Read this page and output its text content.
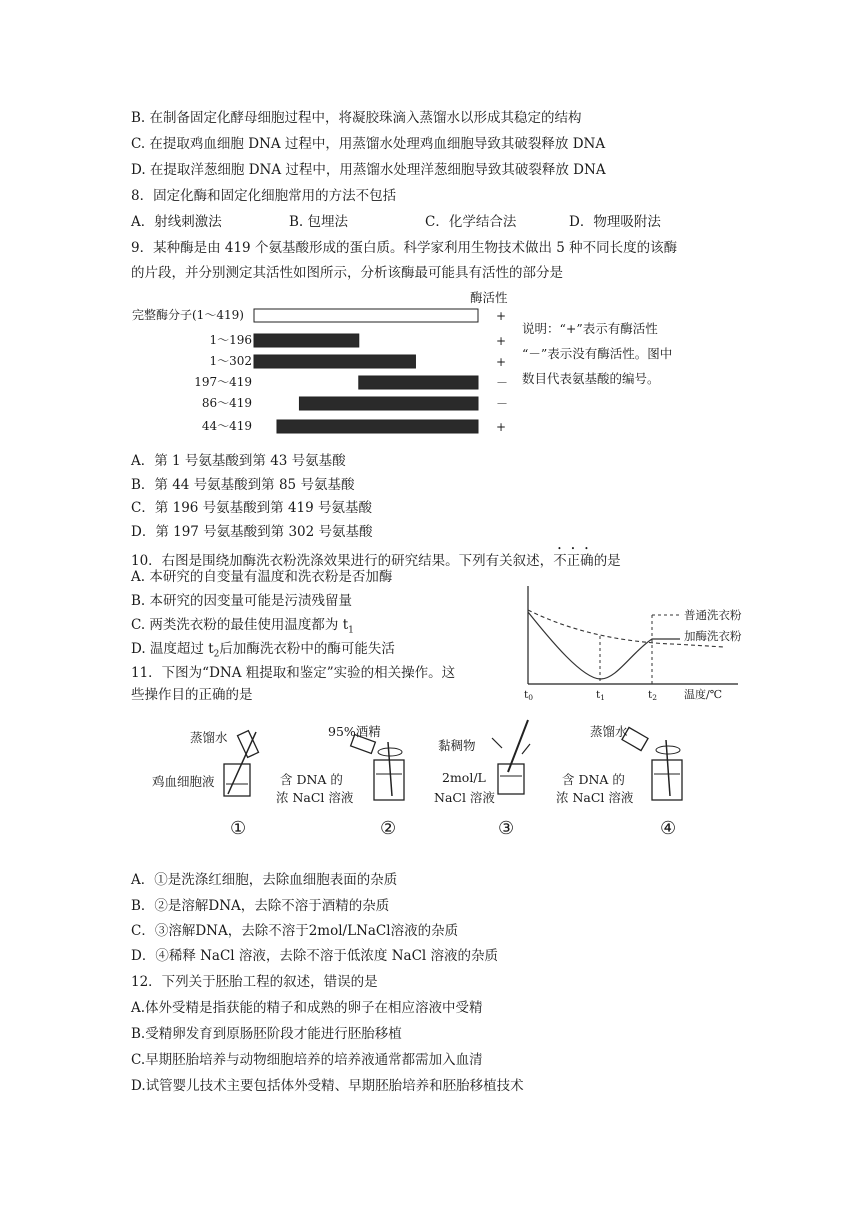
B. 在制备固定化酵母细胞过程中，将凝胶珠滴入蒸馏水以形成其稳定的结构
C. 在提取鸡血细胞 DNA 过程中，用蒸馏水处理鸡血细胞导致其破裂释放 DNA
D. 在提取洋葱细胞 DNA 过程中，用蒸馏水处理洋葱细胞导致其破裂释放 DNA
8．固定化酶和固定化细胞常用的方法不包括
A．射线刺激法	B. 包埋法	C．化学结合法	D．物理吸附法
9．某种酶是由 419 个氨基酸形成的蛋白质。科学家利用生物技术做出 5 种不同长度的该酶
的片段，并分别测定其活性如图所示，分析该酶最可能具有活性的部分是
酶活性
完整酶分子(1～419)	+
1～196	+
1～302	+
197～419	－
86～419	－
44～419	+
说明：“+”表示有酶活性
“－”表示没有酶活性。图中
数目代表氨基酸的编号。
A．第 1 号氨基酸到第 43 号氨基酸
B．第 44 号氨基酸到第 85 号氨基酸
C．第 196 号氨基酸到第 419 号氨基酸
D．第 197 号氨基酸到第 302 号氨基酸
10．右图是围绕加酶洗衣粉洗涤效果进行的研究结果。下列有关叙述，不正确的是
A. 本研究的自变量有温度和洗衣粉是否加酶
B. 本研究的因变量可能是污渍残留量
C. 两类洗衣粉的最佳使用温度都为 $t_1$
D. 温度超过 $t_2$后加酶洗衣粉中的酶可能失活
普通洗衣粉
加酶洗衣粉
t0	t1	t2 温度/℃
11．下图为“DNA 粗提取和鉴定”实验的相关操作。这
些操作目的正确的是
蒸馏水
鸡血细胞液
①
95%酒精
含 DNA 的
浓 NaCl 溶液
②
黏稠物
2mol/L
NaCl 溶液
③
蒸馏水
含 DNA 的
浓 NaCl 溶液
④
A．①是洗涤红细胞，去除血细胞表面的杂质
B．②是溶解DNA，去除不溶于酒精的杂质
C．③溶解DNA，去除不溶于2mol/LNaCl溶液的杂质
D．④稀释 NaCl 溶液，去除不溶于低浓度 NaCl 溶液的杂质
12．下列关于胚胎工程的叙述，错误的是
A.体外受精是指获能的精子和成熟的卵子在相应溶液中受精
B.受精卵发育到原肠胚阶段才能进行胚胎移植
C.早期胚胎培养与动物细胞培养的培养液通常都需加入血清
D.试管婴儿技术主要包括体外受精、早期胚胎培养和胚胎移植技术
